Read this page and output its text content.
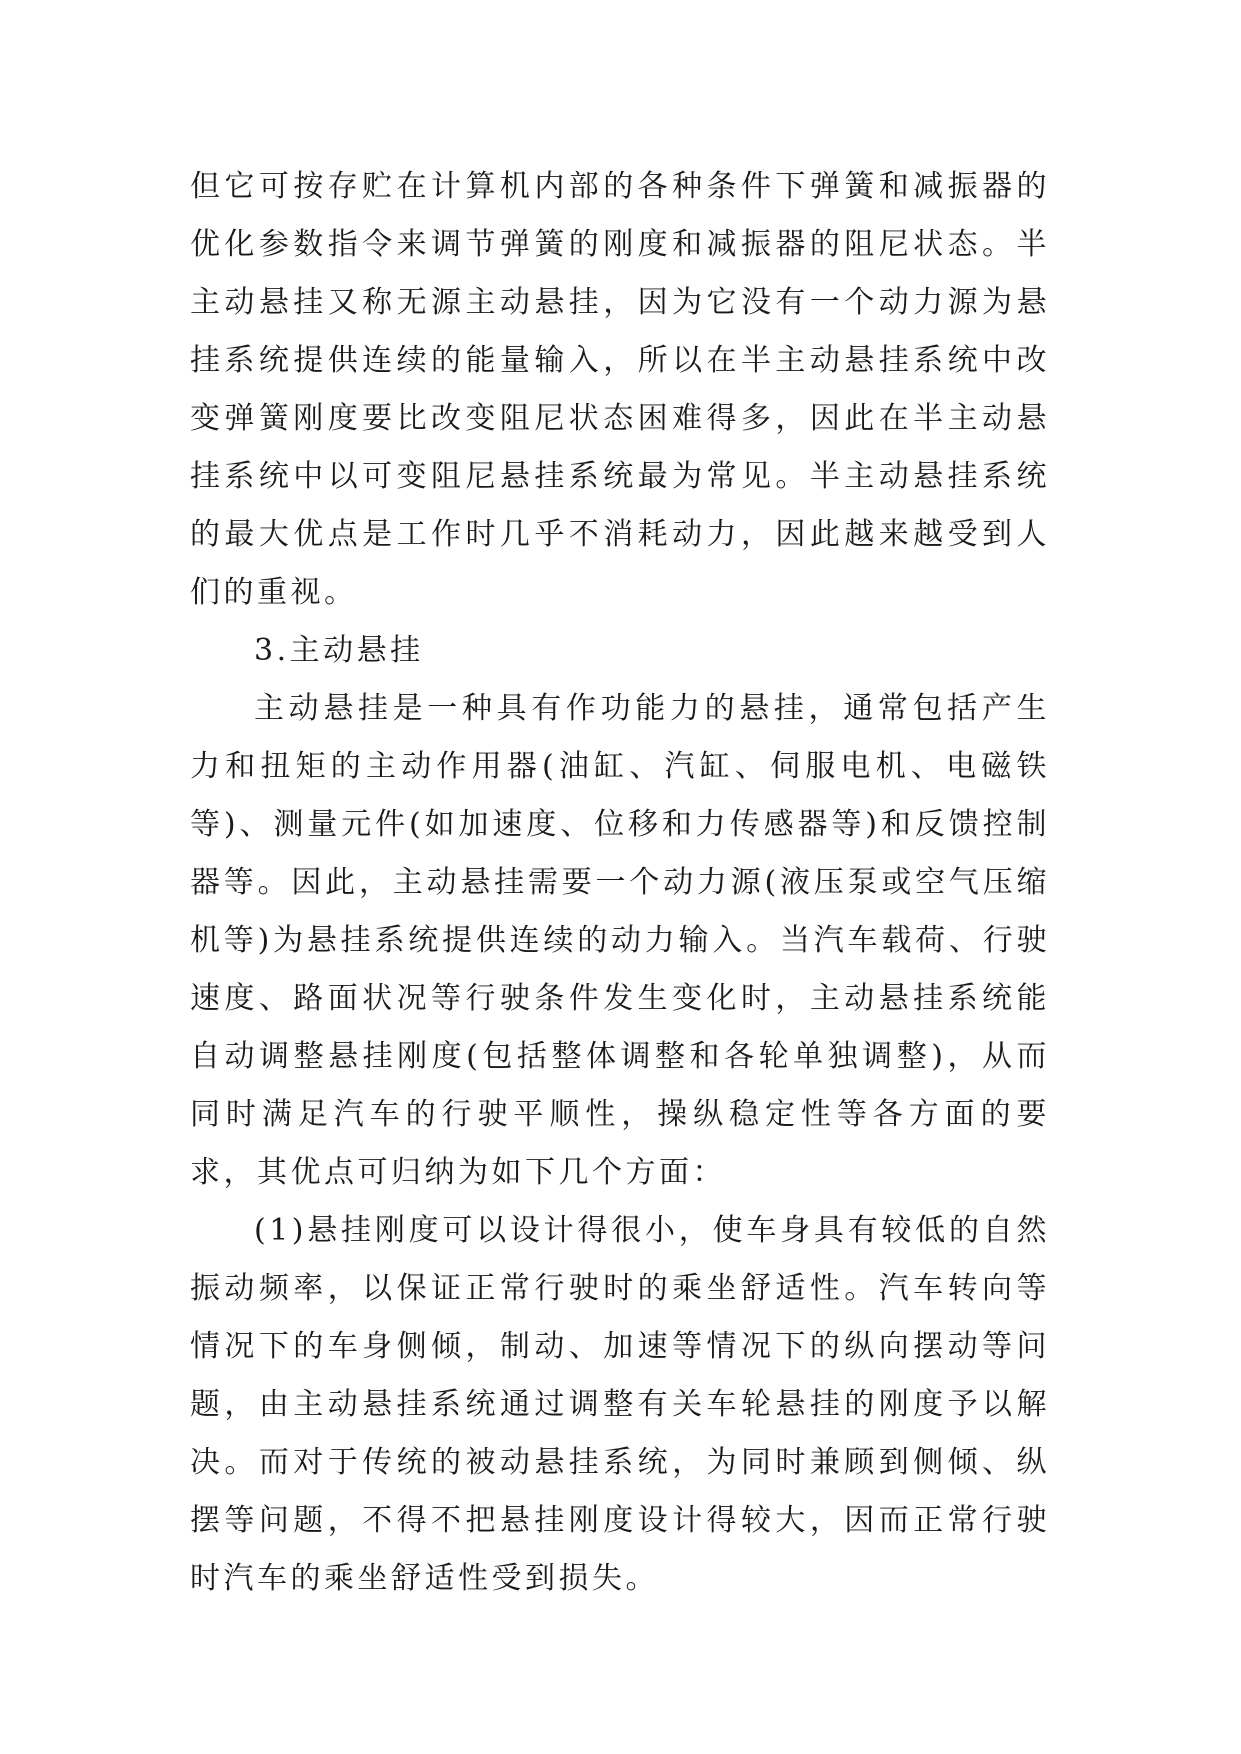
但它可按存贮在计算机内部的各种条件下弹簧和减振器的优化参数指令来调节弹簧的刚度和减振器的阻尼状态。半主动悬挂又称无源主动悬挂，因为它没有一个动力源为悬挂系统提供连续的能量输入，所以在半主动悬挂系统中改变弹簧刚度要比改变阻尼状态困难得多，因此在半主动悬挂系统中以可变阻尼悬挂系统最为常见。半主动悬挂系统的最大优点是工作时几乎不消耗动力，因此越来越受到人们的重视。

3.主动悬挂

主动悬挂是一种具有作功能力的悬挂，通常包括产生力和扭矩的主动作用器(油缸、汽缸、伺服电机、电磁铁等)、测量元件(如加速度、位移和力传感器等)和反馈控制器等。因此，主动悬挂需要一个动力源(液压泵或空气压缩机等)为悬挂系统提供连续的动力输入。当汽车载荷、行驶速度、路面状况等行驶条件发生变化时，主动悬挂系统能自动调整悬挂刚度(包括整体调整和各轮单独调整)，从而同时满足汽车的行驶平顺性，操纵稳定性等各方面的要求，其优点可归纳为如下几个方面：

(1)悬挂刚度可以设计得很小，使车身具有较低的自然振动频率，以保证正常行驶时的乘坐舒适性。汽车转向等情况下的车身侧倾，制动、加速等情况下的纵向摆动等问题，由主动悬挂系统通过调整有关车轮悬挂的刚度予以解决。而对于传统的被动悬挂系统，为同时兼顾到侧倾、纵摆等问题，不得不把悬挂刚度设计得较大，因而正常行驶时汽车的乘坐舒适性受到损失。
